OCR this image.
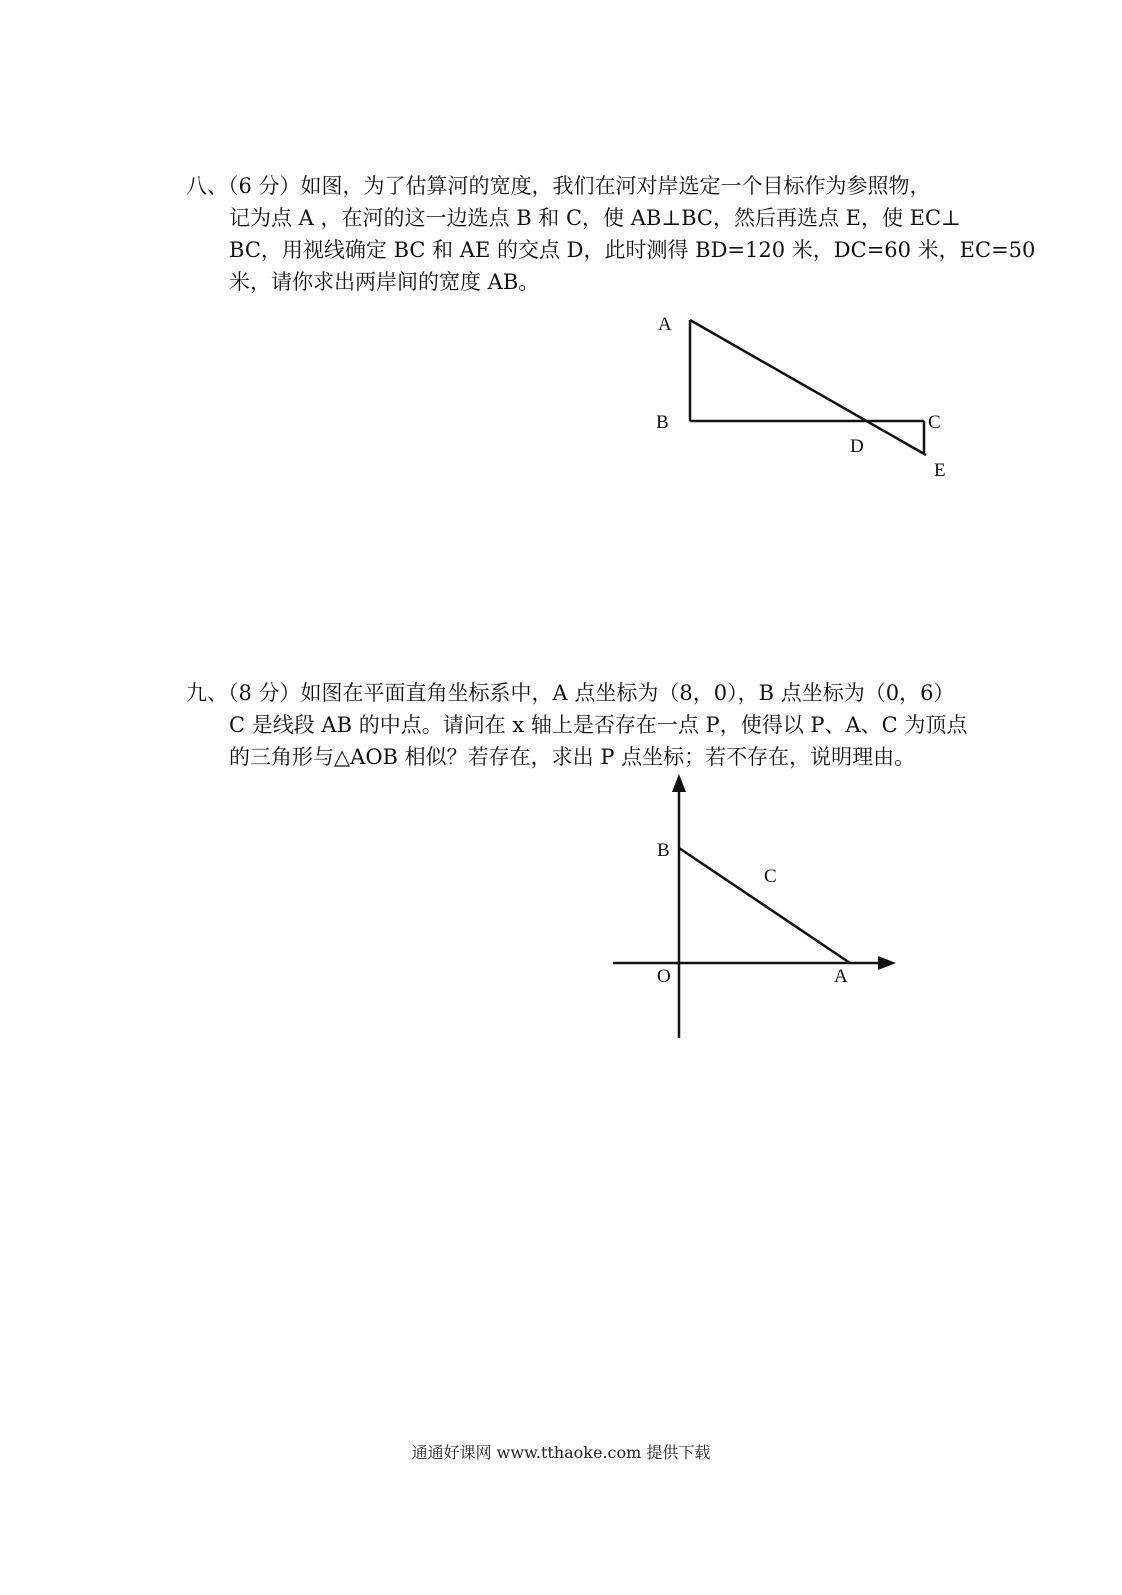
八、（6 分）如图，为了估算河的宽度，我们在河对岸选定一个目标作为参照物，
记为点 A ，在河的这一边选点 B 和 C，使 AB⊥BC，然后再选点 E，使 EC⊥
BC，用视线确定 BC 和 AE 的交点 D，此时测得 BD=120 米，DC=60 米，EC=50
米，请你求出两岸间的宽度 AB。
A
B	C
D
E
九、（8 分）如图在平面直角坐标系中，A 点坐标为（8，0），B 点坐标为（0，6）
C 是线段 AB 的中点。请问在 x 轴上是否存在一点 P，使得以 P、A、C 为顶点
的三角形与△AOB 相似？若存在，求出 P 点坐标；若不存在，说明理由。
B
C
O	A
通通好课网 www.tthaoke.com 提供下载
